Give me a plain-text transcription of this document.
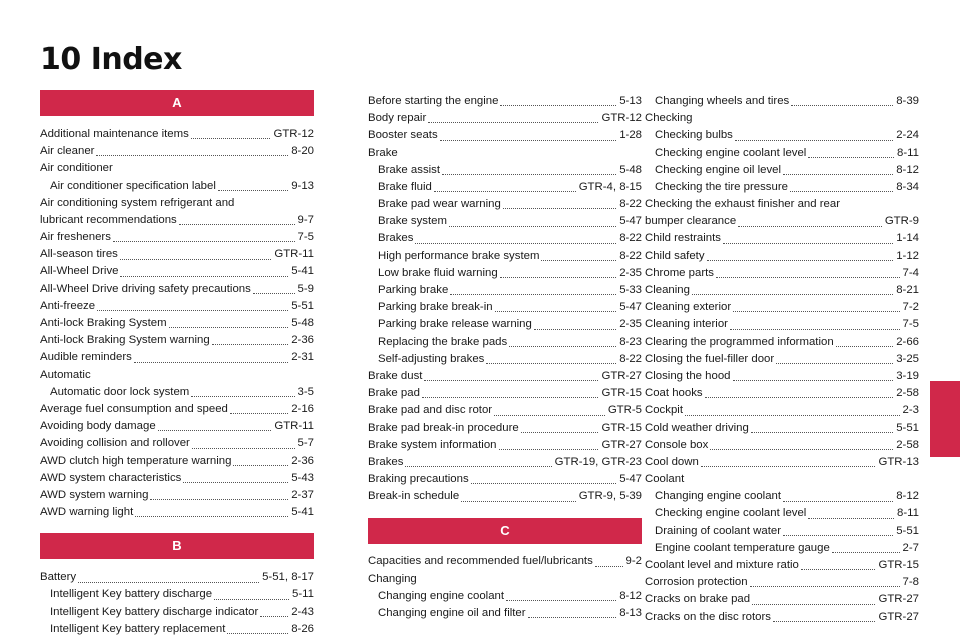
10 Index
A
Additional maintenance items	GTR-12
Air cleaner	8-20
Air conditioner
Air conditioner specification label	9-13
Air conditioning system refrigerant and
lubricant recommendations	9-7
Air fresheners	7-5
All-season tires	GTR-11
All-Wheel Drive	5-41
All-Wheel Drive driving safety precautions	5-9
Anti-freeze	5-51
Anti-lock Braking System	5-48
Anti-lock Braking System warning	2-36
Audible reminders	2-31
Automatic
Automatic door lock system	3-5
Average fuel consumption and speed	2-16
Avoiding body damage	GTR-11
Avoiding collision and rollover	5-7
AWD clutch high temperature warning	2-36
AWD system characteristics	5-43
AWD system warning	2-37
AWD warning light	5-41
B
Battery	5-51, 8-17
Intelligent Key battery discharge	5-11
Intelligent Key battery discharge indicator	2-43
Intelligent Key battery replacement	8-26
Before starting the engine	5-13
Body repair	GTR-12
Booster seats	1-28
Brake
Brake assist	5-48
Brake fluid	GTR-4, 8-15
Brake pad wear warning	8-22
Brake system	5-47
Brakes	8-22
High performance brake system	8-22
Low brake fluid warning	2-35
Parking brake	5-33
Parking brake break-in	5-47
Parking brake release warning	2-35
Replacing the brake pads	8-23
Self-adjusting brakes	8-22
Brake dust	GTR-27
Brake pad	GTR-15
Brake pad and disc rotor	GTR-5
Brake pad break-in procedure	GTR-15
Brake system information	GTR-27
Brakes	GTR-19, GTR-23
Braking precautions	5-47
Break-in schedule	GTR-9, 5-39
C
Capacities and recommended fuel/lubricants	9-2
Changing
Changing engine coolant	8-12
Changing engine oil and filter	8-13
Changing wheels and tires	8-39
Checking
Checking bulbs	2-24
Checking engine coolant level	8-11
Checking engine oil level	8-12
Checking the tire pressure	8-34
Checking the exhaust finisher and rear
bumper clearance	GTR-9
Child restraints	1-14
Child safety	1-12
Chrome parts	7-4
Cleaning	8-21
Cleaning exterior	7-2
Cleaning interior	7-5
Clearing the programmed information	2-66
Closing the fuel-filler door	3-25
Closing the hood	3-19
Coat hooks	2-58
Cockpit	2-3
Cold weather driving	5-51
Console box	2-58
Cool down	GTR-13
Coolant
Changing engine coolant	8-12
Checking engine coolant level	8-11
Draining of coolant water	5-51
Engine coolant temperature gauge	2-7
Coolant level and mixture ratio	GTR-15
Corrosion protection	7-8
Cracks on brake pad	GTR-27
Cracks on the disc rotors	GTR-27
